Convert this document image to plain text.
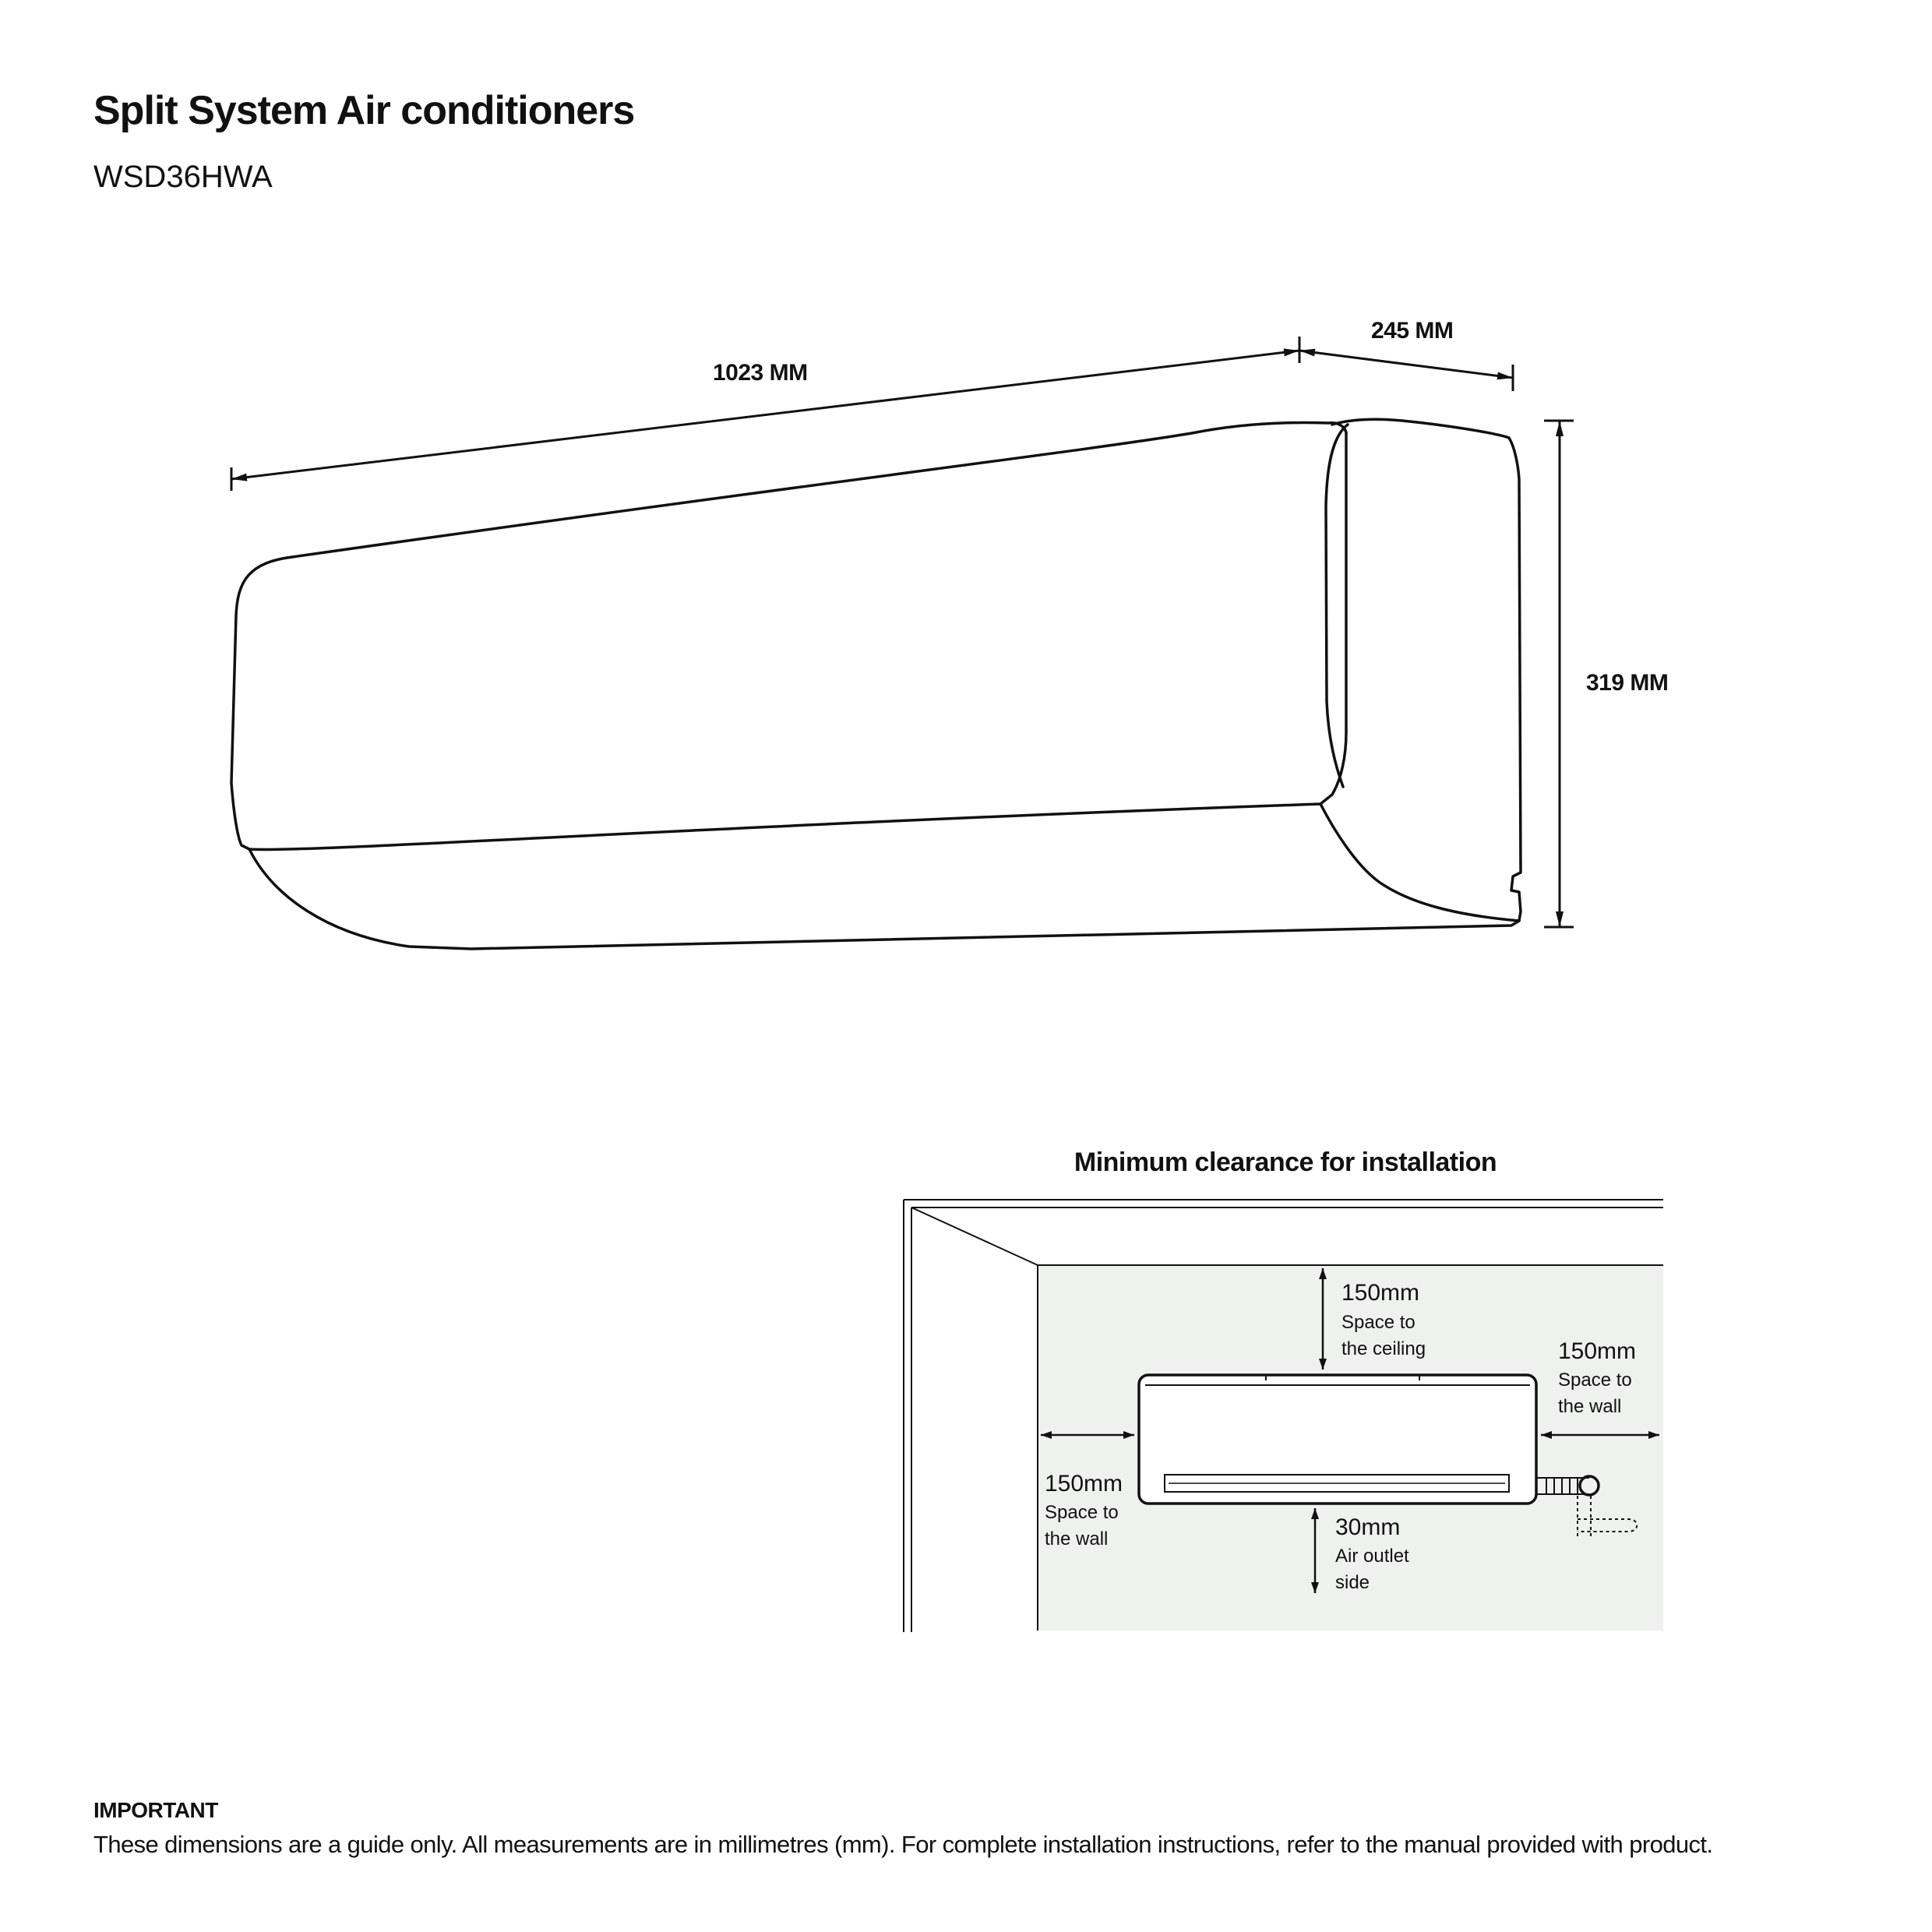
Split System Air conditioners
WSD36HWA
1023 MM
245 MM
319 MM
Minimum clearance for installation
150mm
Space to
the ceiling	150mm
Space to
the wall
150mm
Space to
the wall	30mm
Air outlet
side
IMPORTANT
These dimensions are a guide only. All measurements are in millimetres (mm). For complete installation instructions, refer to the manual provided with product.
